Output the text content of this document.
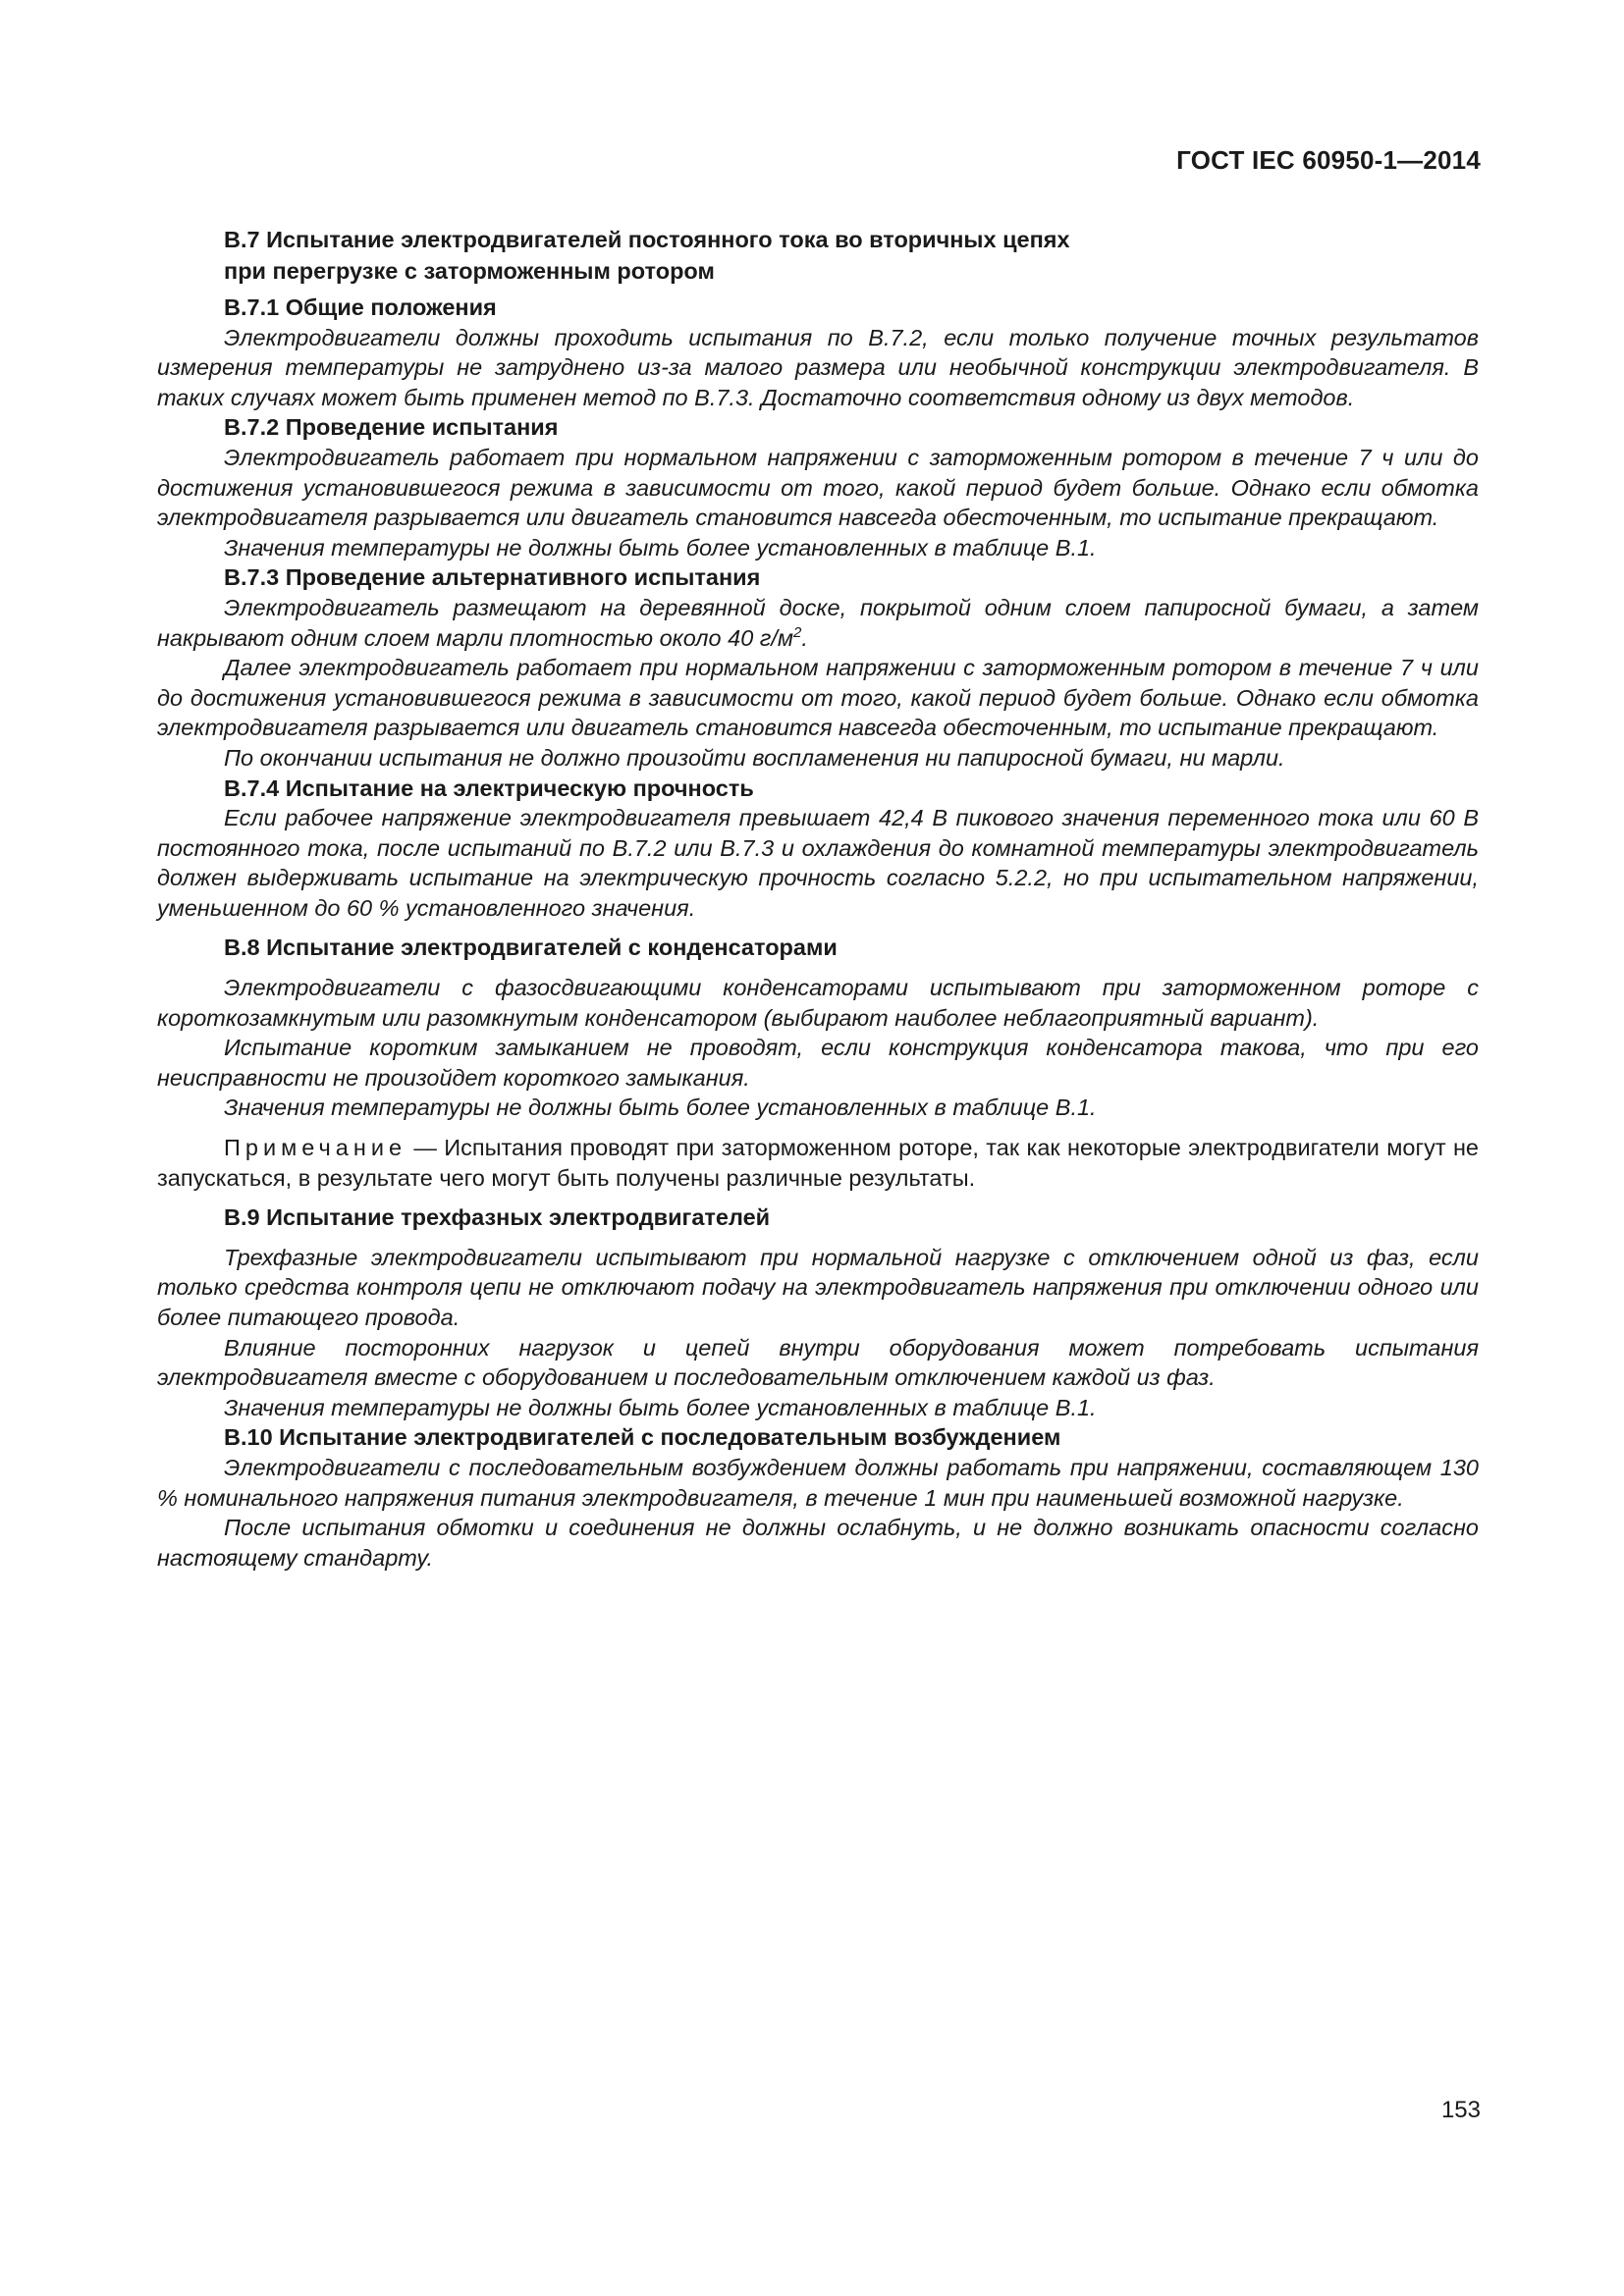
ГОСТ IEC 60950-1—2014
В.7 Испытание электродвигателей постоянного тока во вторичных цепях
при перегрузке с заторможенным ротором
В.7.1 Общие положения

Электродвигатели должны проходить испытания по В.7.2, если только получение точных результатов измерения температуры не затруднено из-за малого размера или необычной конструкции электродвигателя. В таких случаях может быть применен метод по В.7.3. Достаточно соответствия одному из двух методов.

В.7.2 Проведение испытания

Электродвигатель работает при нормальном напряжении с заторможенным ротором в течение 7 ч или до достижения установившегося режима в зависимости от того, какой период будет больше. Однако если обмотка электродвигателя разрывается или двигатель становится навсегда обесточенным, то испытание прекращают.

Значения температуры не должны быть более установленных в таблице В.1.

В.7.3 Проведение альтернативного испытания

Электродвигатель размещают на деревянной доске, покрытой одним слоем папиросной бумаги, а затем накрывают одним слоем марли плотностью около 40 $г/м^2$.

Далее электродвигатель работает при нормальном напряжении с заторможенным ротором в течение 7 ч или до достижения установившегося режима в зависимости от того, какой период будет больше. Однако если обмотка электродвигателя разрывается или двигатель становится навсегда обесточенным, то испытание прекращают.

По окончании испытания не должно произойти воспламенения ни папиросной бумаги, ни марли.

В.7.4 Испытание на электрическую прочность

Если рабочее напряжение электродвигателя превышает 42,4 В пикового значения переменного тока или 60 В постоянного тока, после испытаний по В.7.2 или В.7.3 и охлаждения до комнатной температуры электродвигатель должен выдерживать испытание на электрическую прочность согласно 5.2.2, но при испытательном напряжении, уменьшенном до 60 % установленного значения.

В.8 Испытание электродвигателей с конденсаторами

Электродвигатели с фазосдвигающими конденсаторами испытывают при заторможенном роторе с короткозамкнутым или разомкнутым конденсатором (выбирают наиболее неблагоприятный вариант).

Испытание коротким замыканием не проводят, если конструкция конденсатора такова, что при его неисправности не произойдет короткого замыкания.

Значения температуры не должны быть более установленных в таблице В.1.

Примечание — Испытания проводят при заторможенном роторе, так как некоторые электродвигатели могут не запускаться, в результате чего могут быть получены различные результаты.

В.9 Испытание трехфазных электродвигателей

Трехфазные электродвигатели испытывают при нормальной нагрузке с отключением одной из фаз, если только средства контроля цепи не отключают подачу на электродвигатель напряжения при отключении одного или более питающего провода.

Влияние посторонних нагрузок и цепей внутри оборудования может потребовать испытания электродвигателя вместе с оборудованием и последовательным отключением каждой из фаз.

Значения температуры не должны быть более установленных в таблице В.1.

В.10 Испытание электродвигателей с последовательным возбуждением

Электродвигатели с последовательным возбуждением должны работать при напряжении, составляющем 130 % номинального напряжения питания электродвигателя, в течение 1 мин при наименьшей возможной нагрузке.

После испытания обмотки и соединения не должны ослабнуть, и не должно возникать опасности согласно настоящему стандарту.

153
